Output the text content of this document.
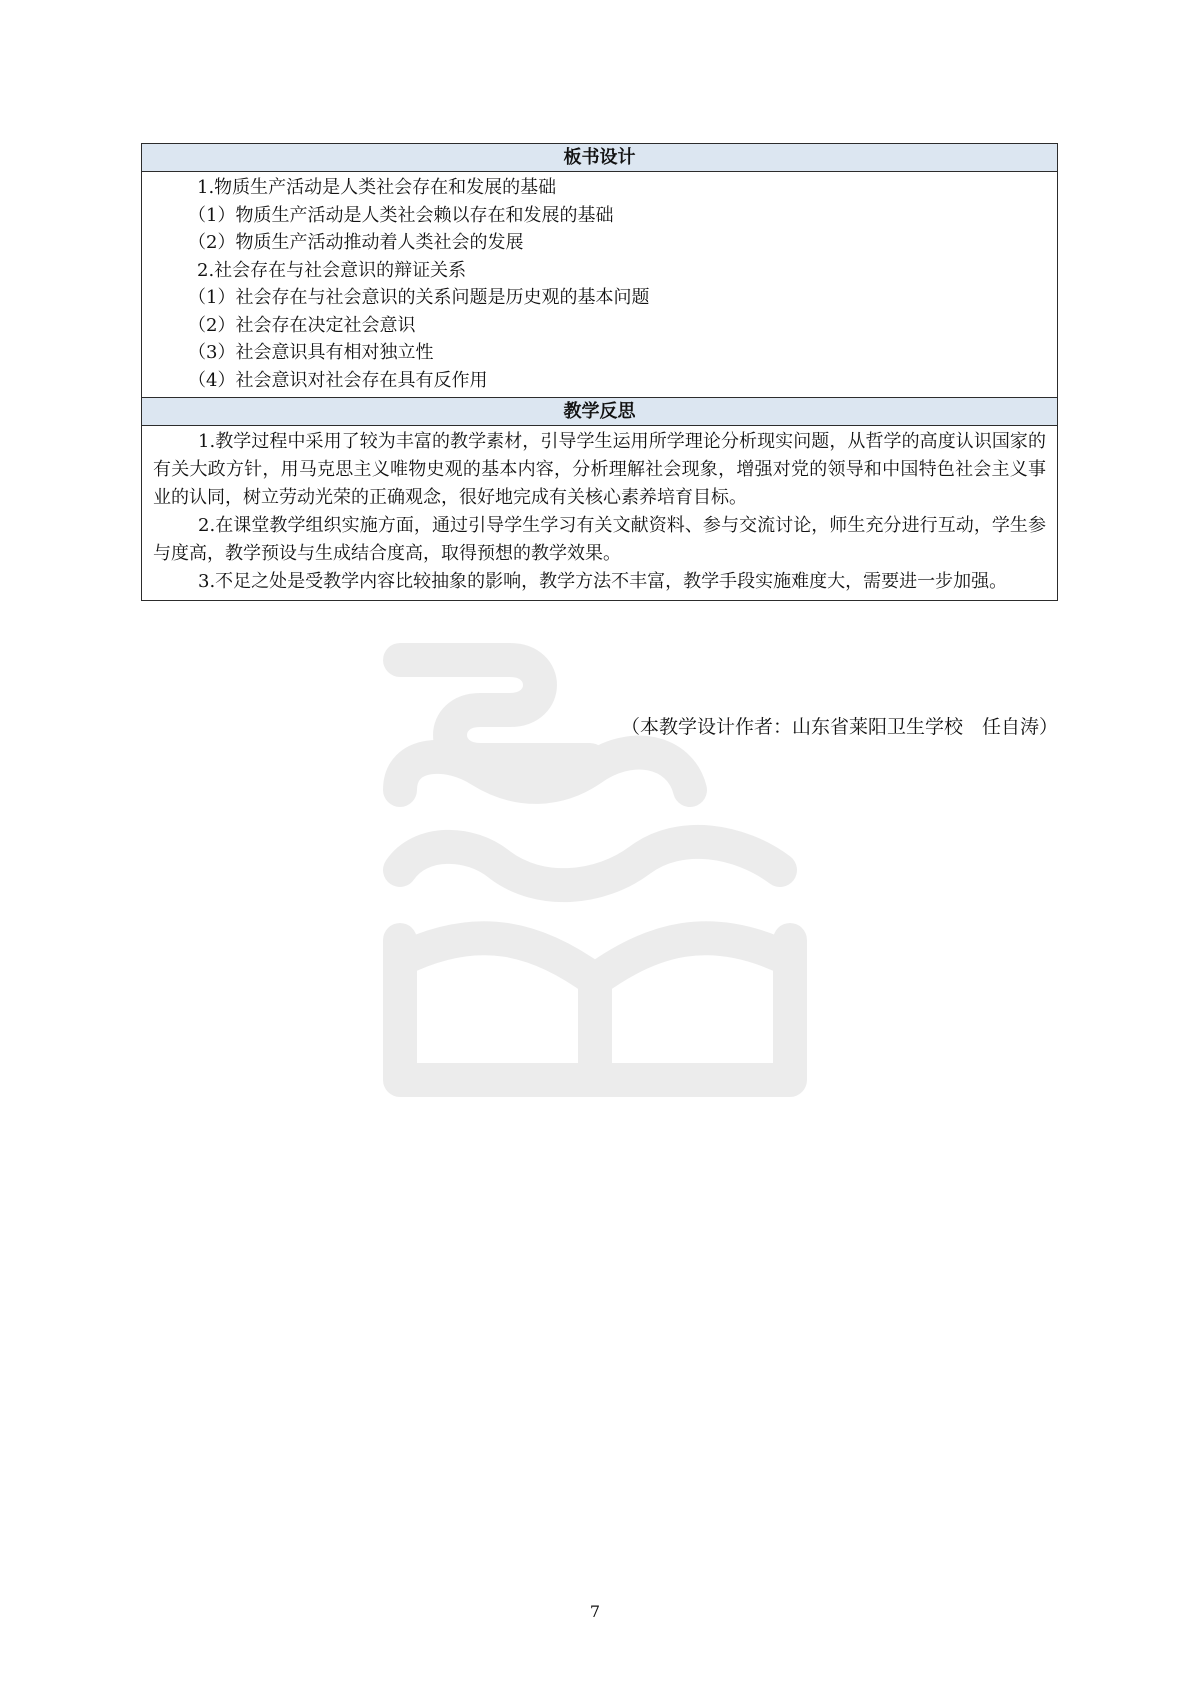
板书设计

1.物质生产活动是人类社会存在和发展的基础
（1）物质生产活动是人类社会赖以存在和发展的基础
（2）物质生产活动推动着人类社会的发展
2.社会存在与社会意识的辩证关系
（1）社会存在与社会意识的关系问题是历史观的基本问题
（2）社会存在决定社会意识
（3）社会意识具有相对独立性
（4）社会意识对社会存在具有反作用

教学反思

1.教学过程中采用了较为丰富的教学素材，引导学生运用所学理论分析现实问题，从哲学的高度认识国家的有关大政方针，用马克思主义唯物史观的基本内容，分析理解社会现象，增强对党的领导和中国特色社会主义事业的认同，树立劳动光荣的正确观念，很好地完成有关核心素养培育目标。

2.在课堂教学组织实施方面，通过引导学生学习有关文献资料、参与交流讨论，师生充分进行互动，学生参与度高，教学预设与生成结合度高，取得预想的教学效果。

3.不足之处是受教学内容比较抽象的影响，教学方法不丰富，教学手段实施难度大，需要进一步加强。

（本教学设计作者：山东省莱阳卫生学校　任自涛）
7
